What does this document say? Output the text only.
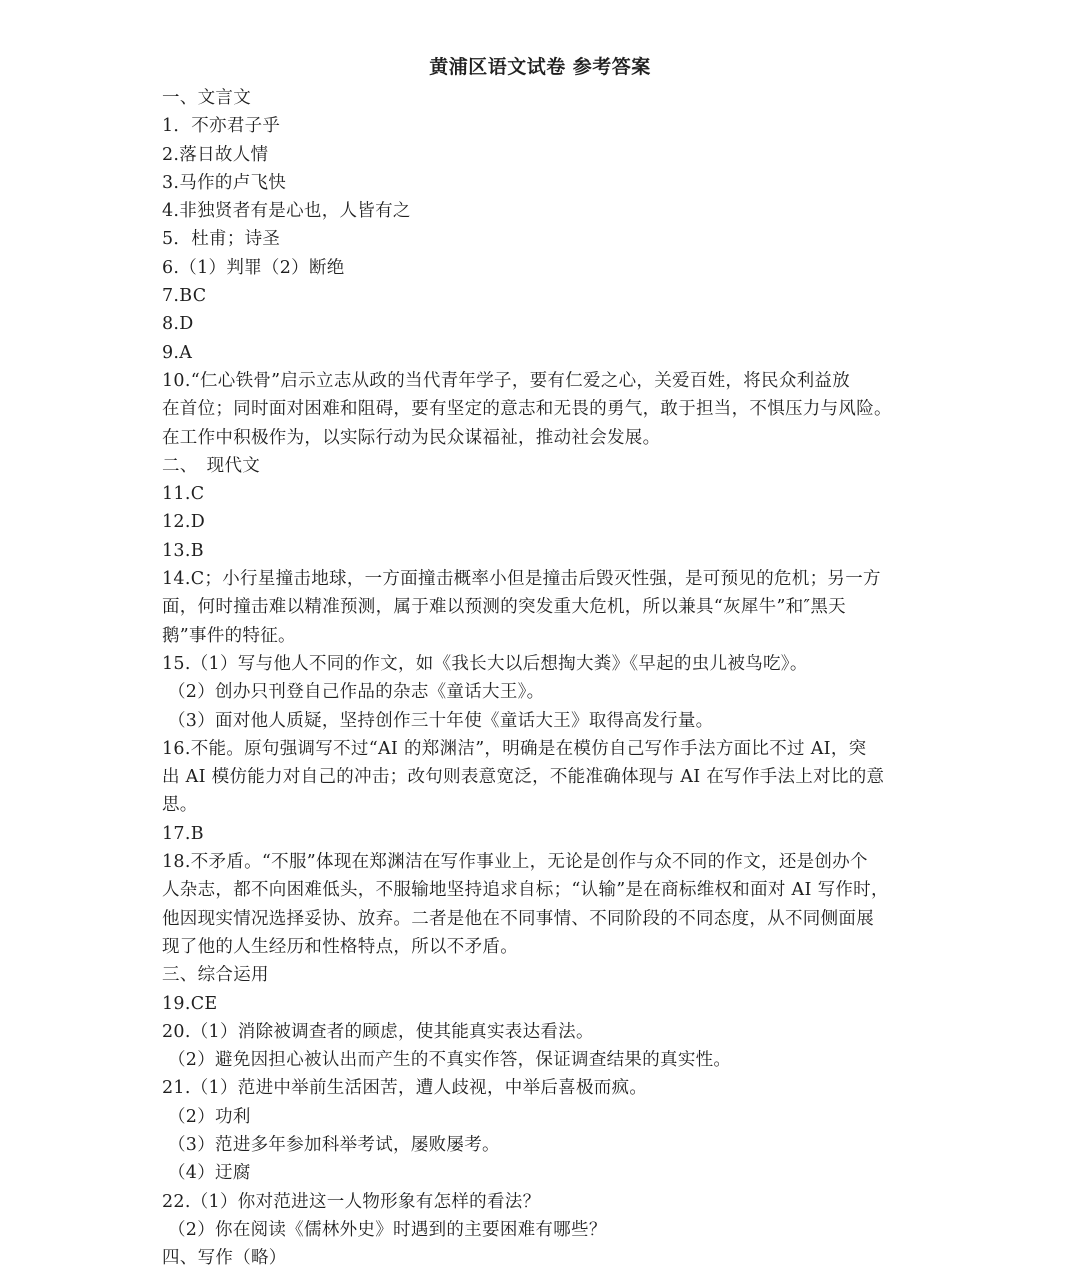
黄浦区语文试卷 参考答案
一、文言文
1．不亦君子乎
2.落日故人情
3.马作的卢飞快
4.非独贤者有是心也，人皆有之
5．杜甫；诗圣
6.（1）判罪（2）断绝
7.BC
8.D
9.A
10.“仁心铁骨”启示立志从政的当代青年学子，要有仁爱之心，关爱百姓，将民众利益放
在首位；同时面对困难和阻碍，要有坚定的意志和无畏的勇气，敢于担当，不惧压力与风险。
在工作中积极作为，以实际行动为民众谋福祉，推动社会发展。
二、　现代文
11.C
12.D
13.B
14.C；小行星撞击地球，一方面撞击概率小但是撞击后毁灭性强，是可预见的危机；另一方
面，何时撞击难以精准预测，属于难以预测的突发重大危机，所以兼具“灰犀牛”和″黑天
鹅”事件的特征。
15.（1）写与他人不同的作文，如《我长大以后想掏大粪》《早起的虫儿被鸟吃》。
（2）创办只刊登自己作品的杂志《童话大王》。
（3）面对他人质疑，坚持创作三十年使《童话大王》取得高发行量。
16.不能。原句强调写不过“AI 的郑渊洁”，明确是在模仿自己写作手法方面比不过 AI，突
出 AI 模仿能力对自己的冲击；改句则表意宽泛，不能准确体现与 AI 在写作手法上对比的意
思。
17.B
18.不矛盾。“不服”体现在郑渊洁在写作事业上，无论是创作与众不同的作文，还是创办个
人杂志，都不向困难低头，不服输地坚持追求自标；“认输”是在商标维权和面对 AI 写作时，
他因现实情况选择妥协、放弃。二者是他在不同事情、不同阶段的不同态度，从不同侧面展
现了他的人生经历和性格特点，所以不矛盾。
三、综合运用
19.CE
20.（1）消除被调查者的顾虑，使其能真实表达看法。
（2）避免因担心被认出而产生的不真实作答，保证调查结果的真实性。
21.（1）范进中举前生活困苦，遭人歧视，中举后喜极而疯。
（2）功利
（3）范进多年参加科举考试，屡败屡考。
（4）迂腐
22.（1）你对范进这一人物形象有怎样的看法？
（2）你在阅读《儒林外史》时遇到的主要困难有哪些？
四、写作（略）
